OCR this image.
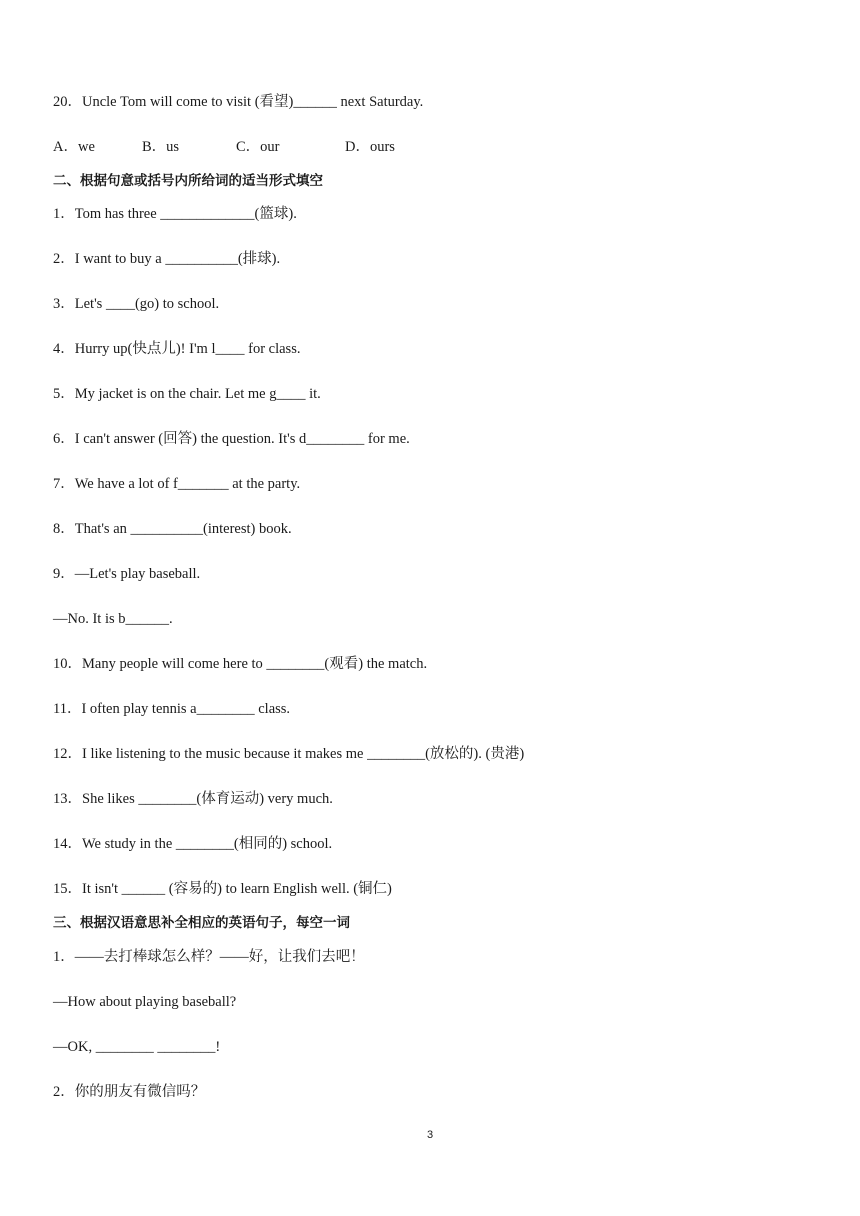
20．Uncle Tom will come to visit (看望)______ next Saturday.
A．we	B．us	C．our	D．ours
二、根据句意或括号内所给词的适当形式填空
1．Tom has three _____________(篮球).
2．I want to buy a __________(排球).
3．Let's ____(go) to school.
4．Hurry up(快点儿)! I'm l____ for class.
5．My jacket is on the chair. Let me g____ it.
6．I can't answer (回答) the question. It's d________ for me.
7．We have a lot of f_______ at the party.
8．That's an __________(interest) book.
9．—Let's play baseball.
—No. It is b______.
10．Many people will come here to ________(观看) the match.
11．I often play tennis a________ class.
12．I like listening to the music because it makes me ________(放松的). (贵港)
13．She likes ________(体育运动) very much.
14．We study in the ________(相同的) school.
15．It isn't ______ (容易的) to learn English well. (铜仁)
三、根据汉语意思补全相应的英语句子，每空一词
1．——去打棒球怎么样？——好，让我们去吧！
—How about playing baseball?
—OK, ________ ________!
2．你的朋友有微信吗？
3
